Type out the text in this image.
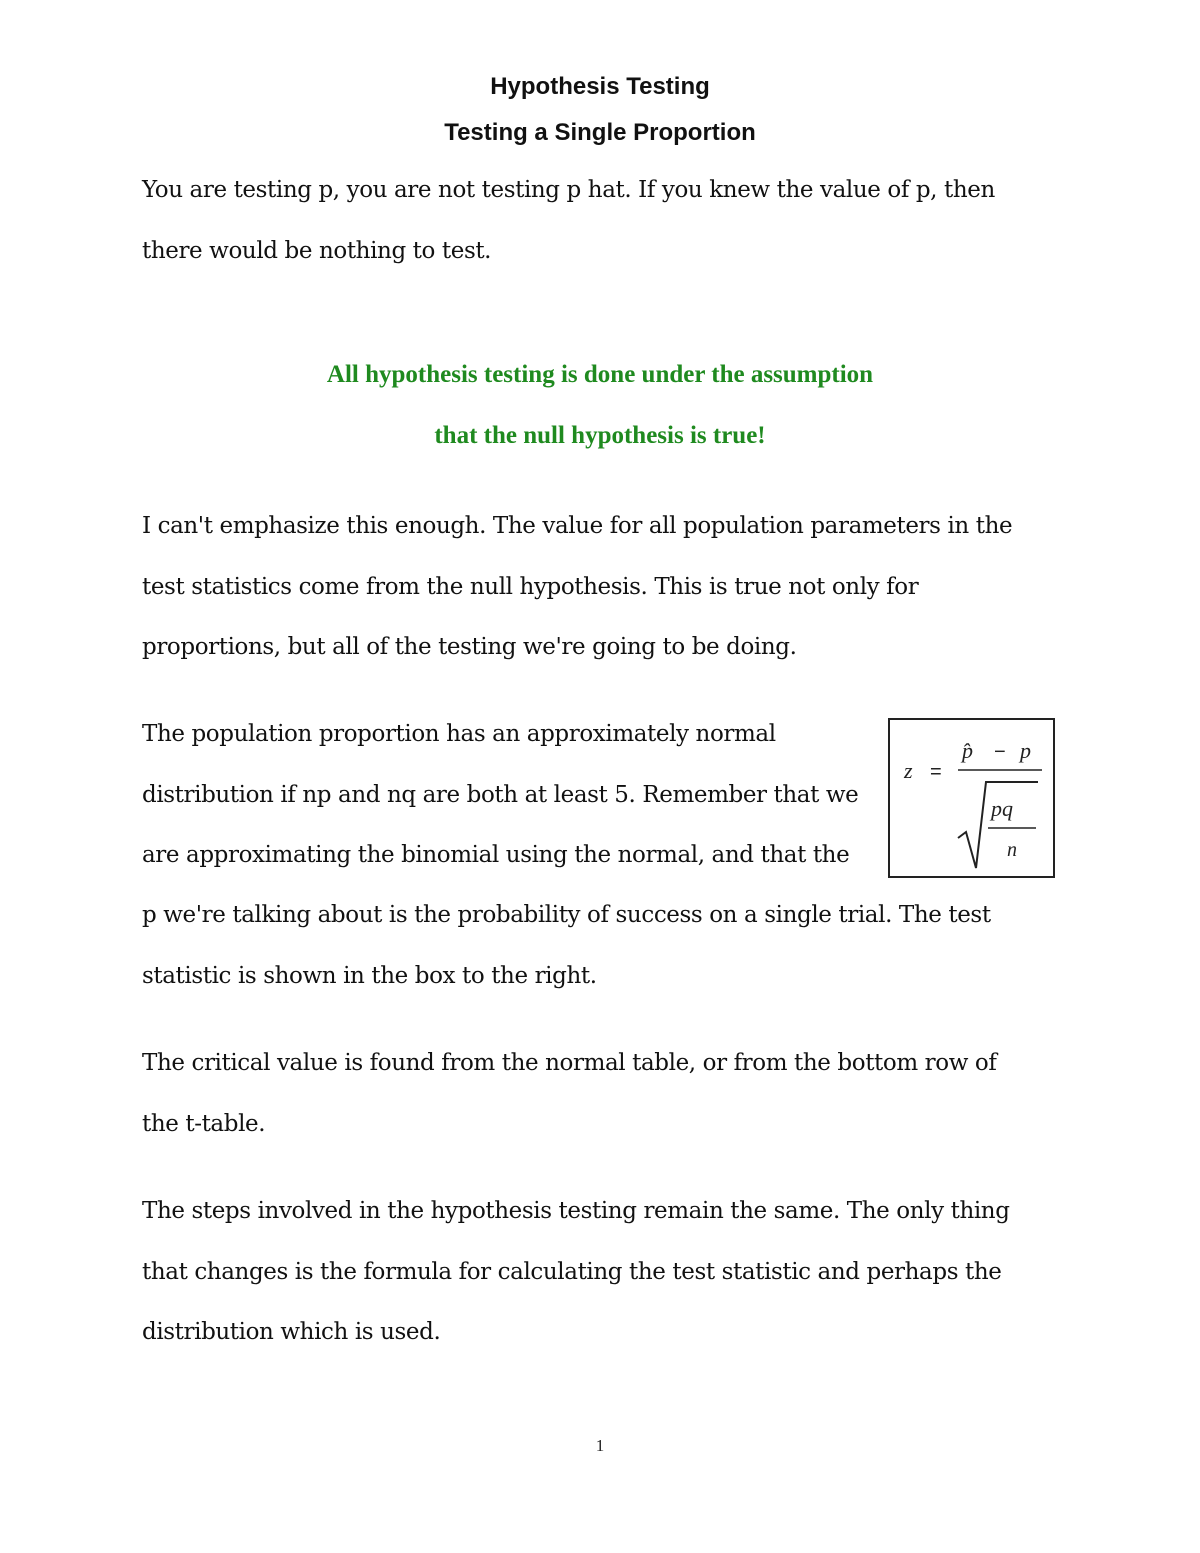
Hypothesis Testing
Testing a Single Proportion

You are testing p, you are not testing p hat. If you knew the value of p, then
there would be nothing to test.

All hypothesis testing is done under the assumption
that the null hypothesis is true!

I can't emphasize this enough. The value for all population parameters in the
test statistics come from the null hypothesis. This is true not only for
proportions, but all of the testing we're going to be doing.

The population proportion has an approximately normal
distribution if np and nq are both at least 5. Remember that we
are approximating the binomial using the normal, and that the

p we're talking about is the probability of success on a single trial. The test
statistic is shown in the box to the right.

z =
p̂ − p
pq
n

The critical value is found from the normal table, or from the bottom row of
the t-table.

The steps involved in the hypothesis testing remain the same. The only thing
that changes is the formula for calculating the test statistic and perhaps the
distribution which is used.

1
